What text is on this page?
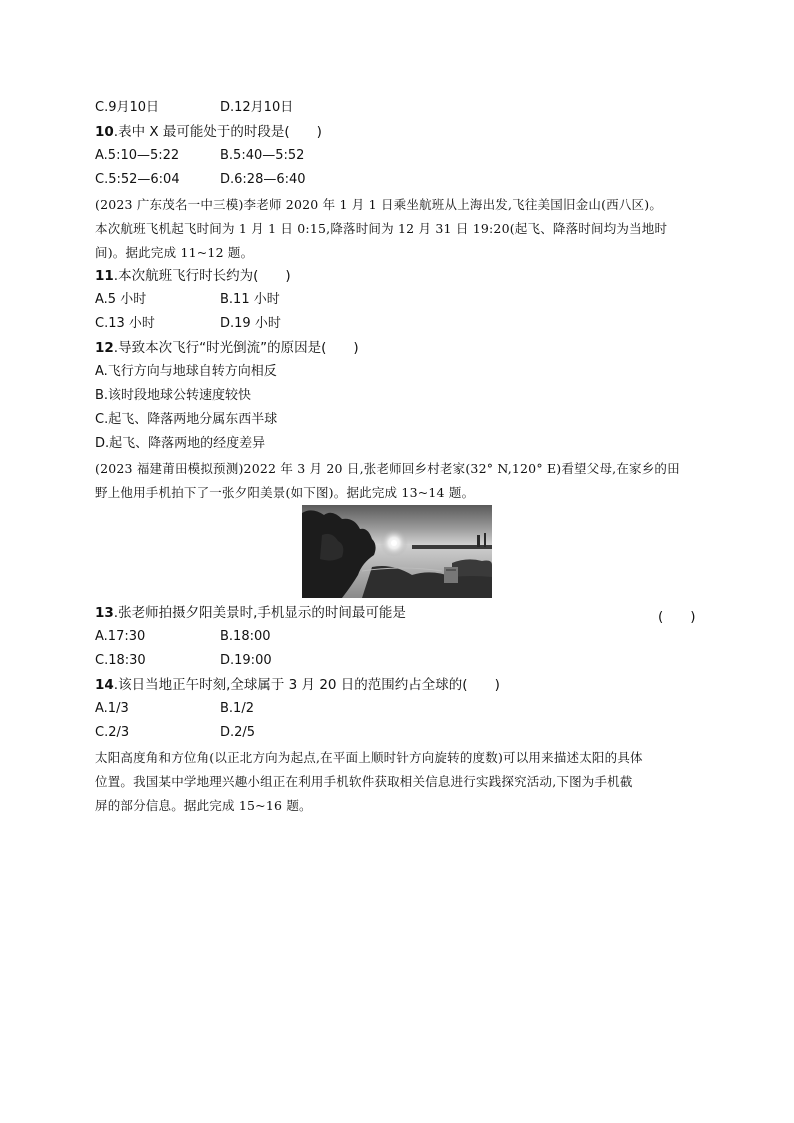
C.9月10日	D.12月10日
10.表中 X 最可能处于的时段是(　　)
A.5:10—5:22	B.5:40—5:52
C.5:52—6:04	D.6:28—6:40
(2023 广东茂名一中三模)李老师 2020 年 1 月 1 日乘坐航班从上海出发,飞往美国旧金山(西八区)。
本次航班飞机起飞时间为 1 月 1 日 0:15,降落时间为 12 月 31 日 19:20(起飞、降落时间均为当地时
间)。据此完成 11~12 题。
11.本次航班飞行时长约为(　　)
A.5 小时	B.11 小时
C.13 小时	D.19 小时
12.导致本次飞行“时光倒流”的原因是(　　)
A.飞行方向与地球自转方向相反
B.该时段地球公转速度较快
C.起飞、降落两地分属东西半球
D.起飞、降落两地的经度差异
(2023 福建莆田模拟预测)2022 年 3 月 20 日,张老师回乡村老家(32° N,120° E)看望父母,在家乡的田
野上他用手机拍下了一张夕阳美景(如下图)。据此完成 13~14 题。
13.张老师拍摄夕阳美景时,手机显示的时间最可能是	(　　)
A.17:30	B.18:00
C.18:30	D.19:00
14.该日当地正午时刻,全球属于 3 月 20 日的范围约占全球的(　　)
A.1/3	B.1/2
C.2/3	D.2/5
太阳高度角和方位角(以正北方向为起点,在平面上顺时针方向旋转的度数)可以用来描述太阳的具体
位置。我国某中学地理兴趣小组正在利用手机软件获取相关信息进行实践探究活动,下图为手机截
屏的部分信息。据此完成 15~16 题。
